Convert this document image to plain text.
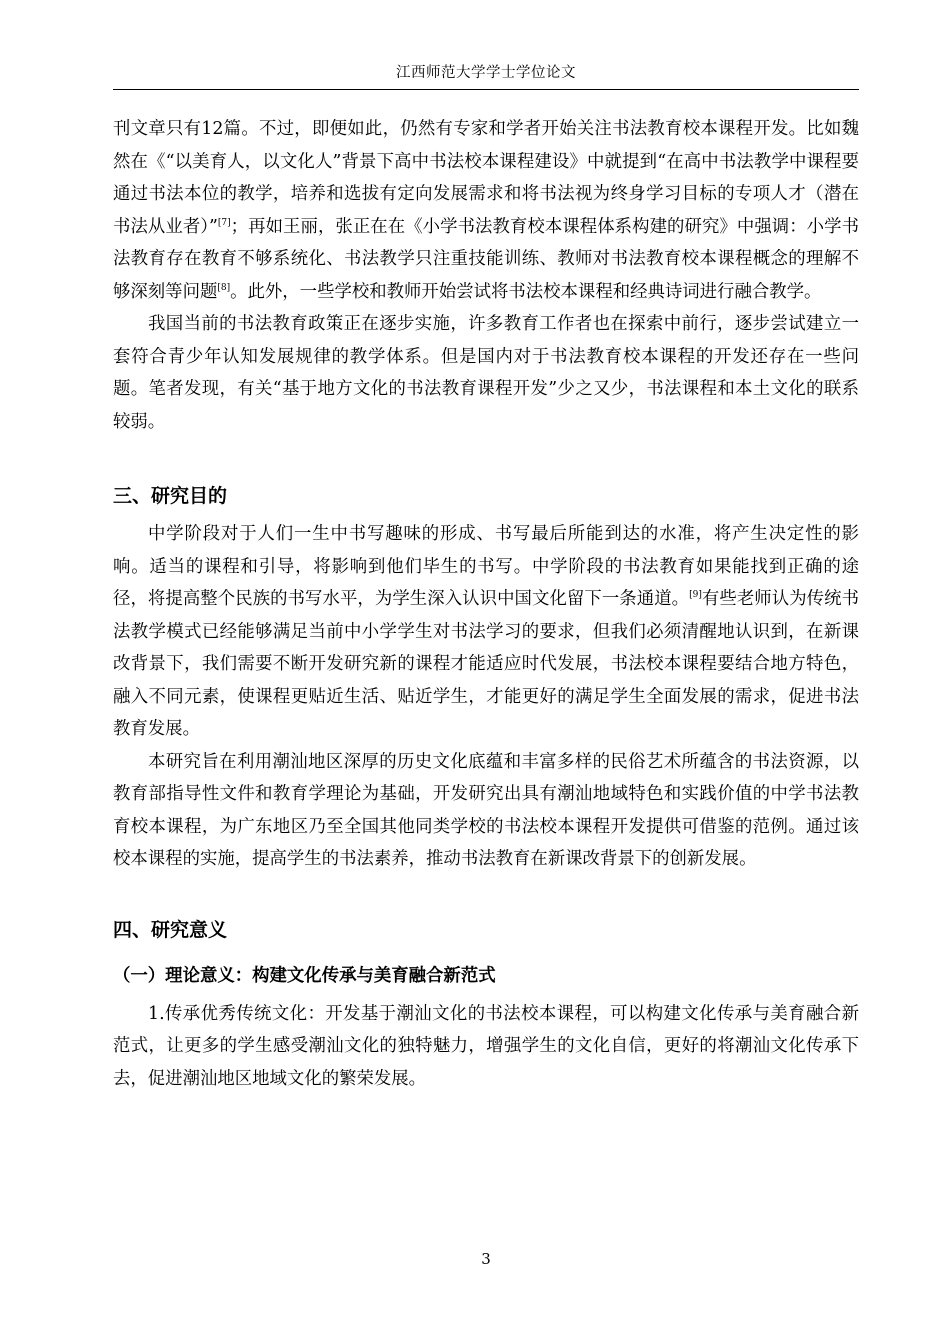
江西师范大学学士学位论文

刊文章只有12篇。不过，即便如此，仍然有专家和学者开始关注书法教育校本课程开发。比如魏然在《“以美育人，以文化人”背景下高中书法校本课程建设》中就提到“在高中书法教学中课程要通过书法本位的教学，培养和选拔有定向发展需求和将书法视为终身学习目标的专项人才（潜在书法从业者）”[7]；再如王丽，张正在在《小学书法教育校本课程体系构建的研究》中强调：小学书法教育存在教育不够系统化、书法教学只注重技能训练、教师对书法教育校本课程概念的理解不够深刻等问题[8]。此外，一些学校和教师开始尝试将书法校本课程和经典诗词进行融合教学。

我国当前的书法教育政策正在逐步实施，许多教育工作者也在探索中前行，逐步尝试建立一套符合青少年认知发展规律的教学体系。但是国内对于书法教育校本课程的开发还存在一些问题。笔者发现，有关“基于地方文化的书法教育课程开发”少之又少，书法课程和本土文化的联系较弱。

三、研究目的

中学阶段对于人们一生中书写趣味的形成、书写最后所能到达的水准，将产生决定性的影响。适当的课程和引导，将影响到他们毕生的书写。中学阶段的书法教育如果能找到正确的途径，将提高整个民族的书写水平，为学生深入认识中国文化留下一条通道。[9]有些老师认为传统书法教学模式已经能够满足当前中小学学生对书法学习的要求，但我们必须清醒地认识到，在新课改背景下，我们需要不断开发研究新的课程才能适应时代发展，书法校本课程要结合地方特色，融入不同元素，使课程更贴近生活、贴近学生，才能更好的满足学生全面发展的需求，促进书法教育发展。

本研究旨在利用潮汕地区深厚的历史文化底蕴和丰富多样的民俗艺术所蕴含的书法资源，以教育部指导性文件和教育学理论为基础，开发研究出具有潮汕地域特色和实践价值的中学书法教育校本课程，为广东地区乃至全国其他同类学校的书法校本课程开发提供可借鉴的范例。通过该校本课程的实施，提高学生的书法素养，推动书法教育在新课改背景下的创新发展。

四、研究意义
（一）理论意义：构建文化传承与美育融合新范式

1.传承优秀传统文化：开发基于潮汕文化的书法校本课程，可以构建文化传承与美育融合新范式，让更多的学生感受潮汕文化的独特魅力，增强学生的文化自信，更好的将潮汕文化传承下去，促进潮汕地区地域文化的繁荣发展。

3
